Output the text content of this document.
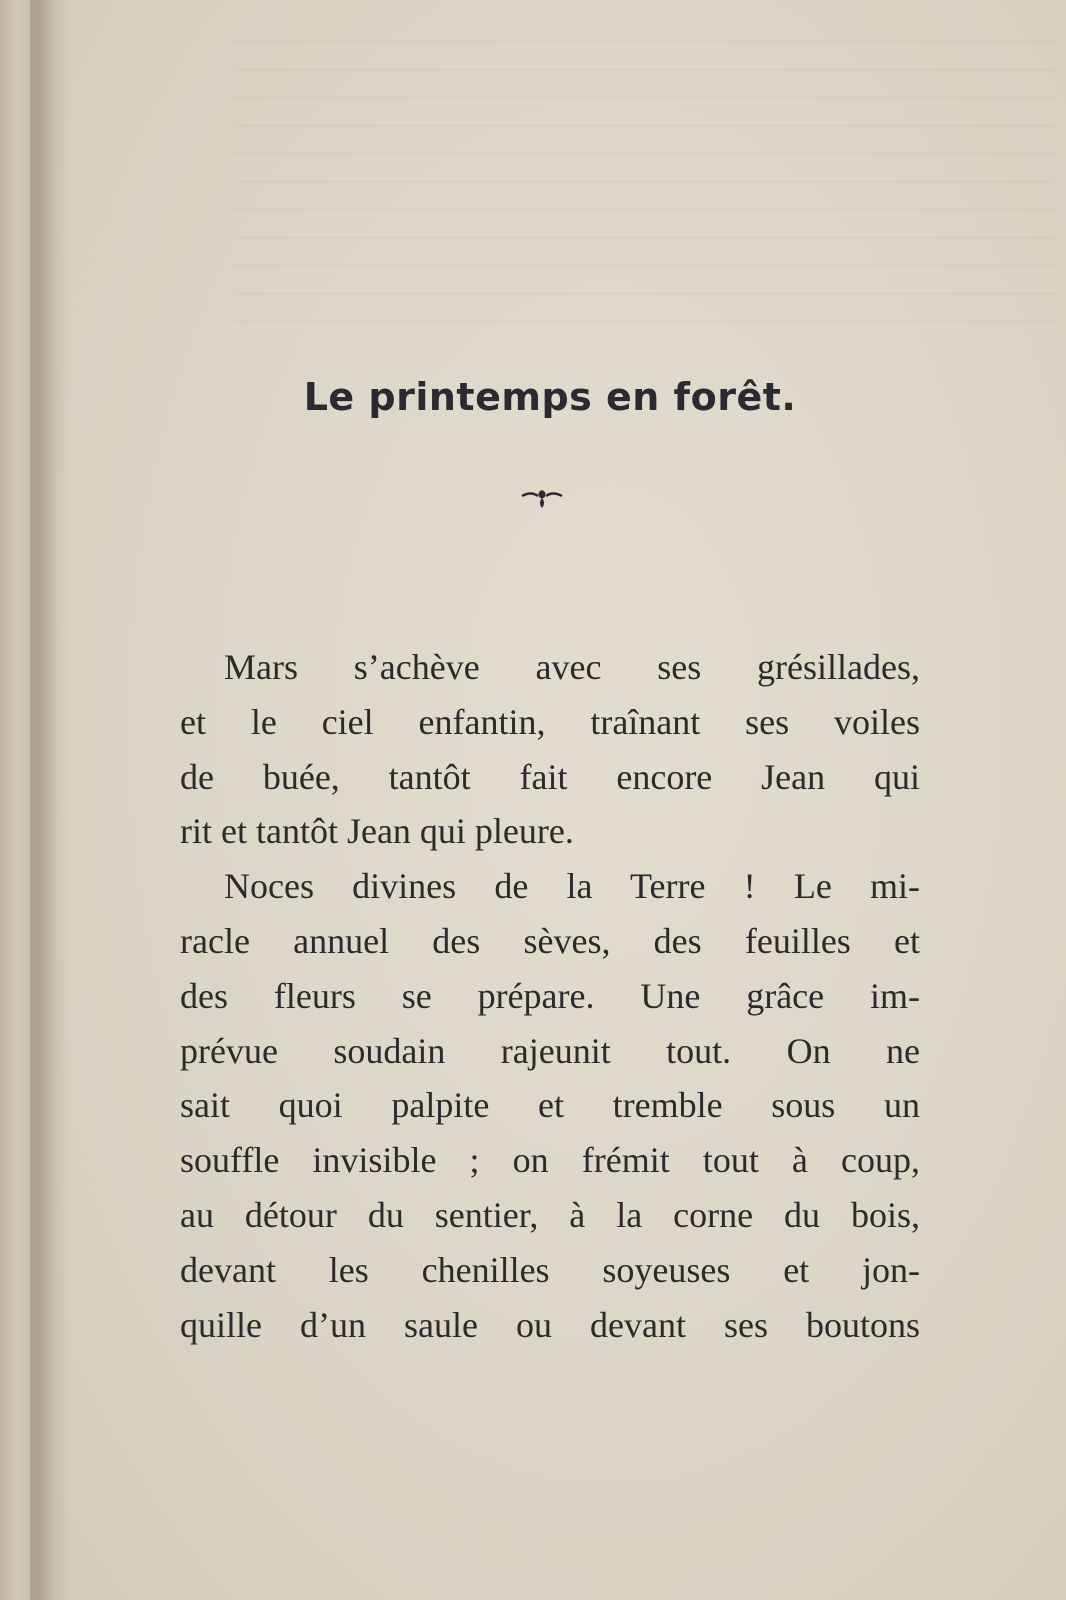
Le printemps en forêt.
Mars s’achève avec ses grésillades,
et le ciel enfantin, traînant ses voiles
de buée, tantôt fait encore Jean qui
rit et tantôt Jean qui pleure.
Noces divines de la Terre ! Le mi-
racle annuel des sèves, des feuilles et
des fleurs se prépare. Une grâce im-
prévue soudain rajeunit tout. On ne
sait quoi palpite et tremble sous un
souffle invisible ; on frémit tout à coup,
au détour du sentier, à la corne du bois,
devant les chenilles soyeuses et jon-
quille d’un saule ou devant ses boutons
